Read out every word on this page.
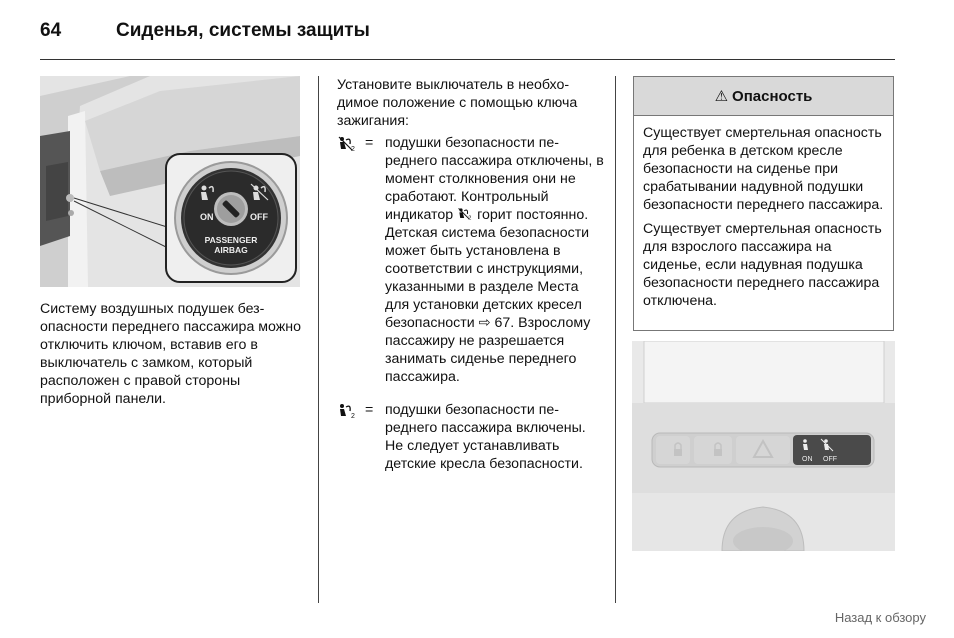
64	Сиденья, системы защиты
ON	OFF
PASSENGER
AIRBAG
Систему воздушных подушек безопасности переднего пассажира можно отключить ключом, вставив его в выключатель с замком, который расположен с правой стороны приборной панели.
Установите выключатель в необходимое положение с помощью ключа зажигания:
2 = подушки безопасности переднего пассажира отключены, в момент столкновения они не сработают. Контрольный индикатор 2 горит постоянно. Детская система безопасности может быть установлена в соответствии с инструкциями, указанными в разделе Места для установки детских кресел безопасности ⇨ 67. Взрослому пассажиру не разрешается занимать сиденье переднего пассажира.
2 = подушки безопасности переднего пассажира включены. Не следует устанавливать детские кресла безопасности.
⚠ Опасность

Существует смертельная опасность для ребенка в детском кресле безопасности на сиденье при срабатывании надувной подушки безопасности переднего пассажира.

Существует смертельная опасность для взрослого пассажира на сиденье, если надувная подушка безопасности переднего пассажира отключена.

ON OFF
Назад к обзору
